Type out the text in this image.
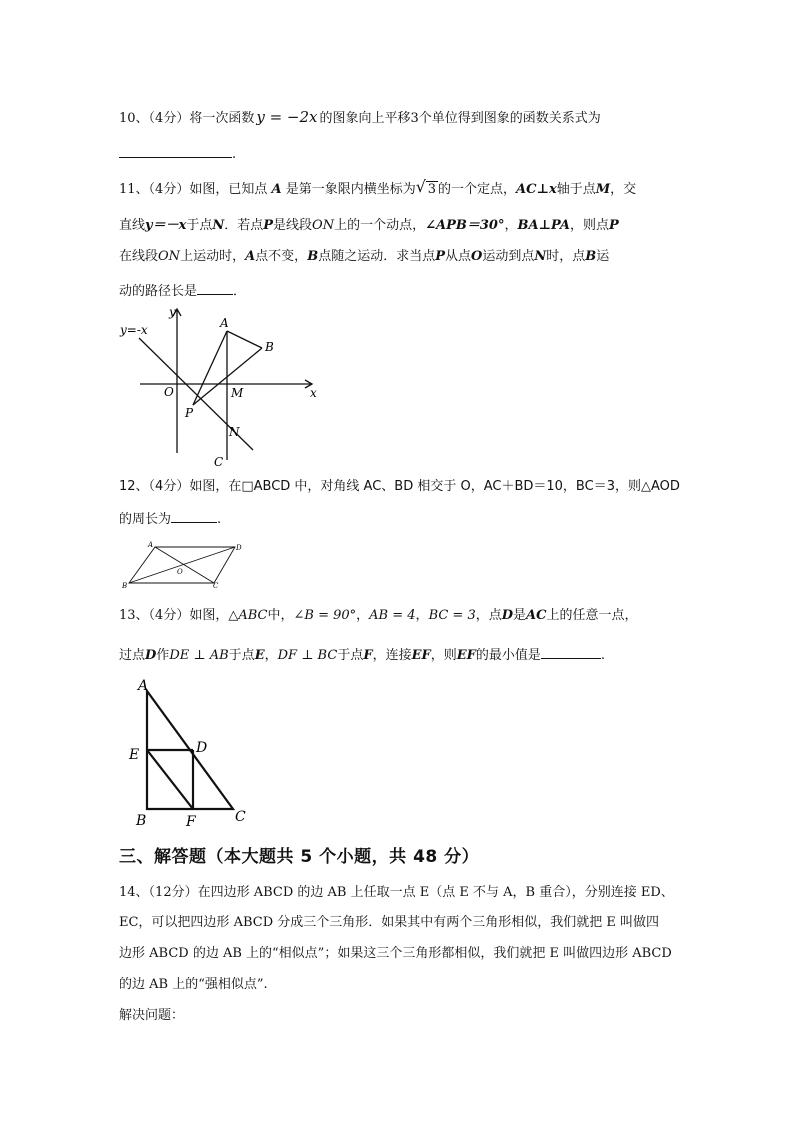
10、（4分）将一次函数 y = −2x 的图象向上平移3个单位得到图象的函数关系式为
.
11、（4分）如图，已知点 A 是第一象限内横坐标为 √ 3 的一个定点，AC⊥x轴于点M，交
直线y＝－x于点N．若点P是线段ON上的一个动点，∠APB＝30°，BA⊥PA，则点P
在线段ON上运动时，A点不变，B点随之运动．求当点P从点O运动到点N时，点B运
动的路径长是	．
y=-x
y
x
A
B
O	M
P
N
C
12、（4分）如图，在□ABCD 中，对角线 AC、BD 相交于 O，AC＋BD＝10，BC＝3，则△AOD
的周长为	.
A	D
O
B	C
13、（4分）如图，△ABC中，∠B = 90°，AB = 4，BC = 3，点D是AC上的任意一点，
过点D作DE ⊥ AB于点E，DF ⊥ BC于点F，连接EF，则EF的最小值是	.
A
E	D
B	F	C
三、解答题（本大题共 5 个小题，共 48 分）
14、（12分）在四边形 ABCD 的边 AB 上任取一点 E（点 E 不与 A，B 重合），分别连接 ED、
EC，可以把四边形 ABCD 分成三个三角形．如果其中有两个三角形相似，我们就把 E 叫做四
边形 ABCD 的边 AB 上的“相似点”；如果这三个三角形都相似，我们就把 E 叫做四边形 ABCD
的边 AB 上的“强相似点”.
解决问题：
